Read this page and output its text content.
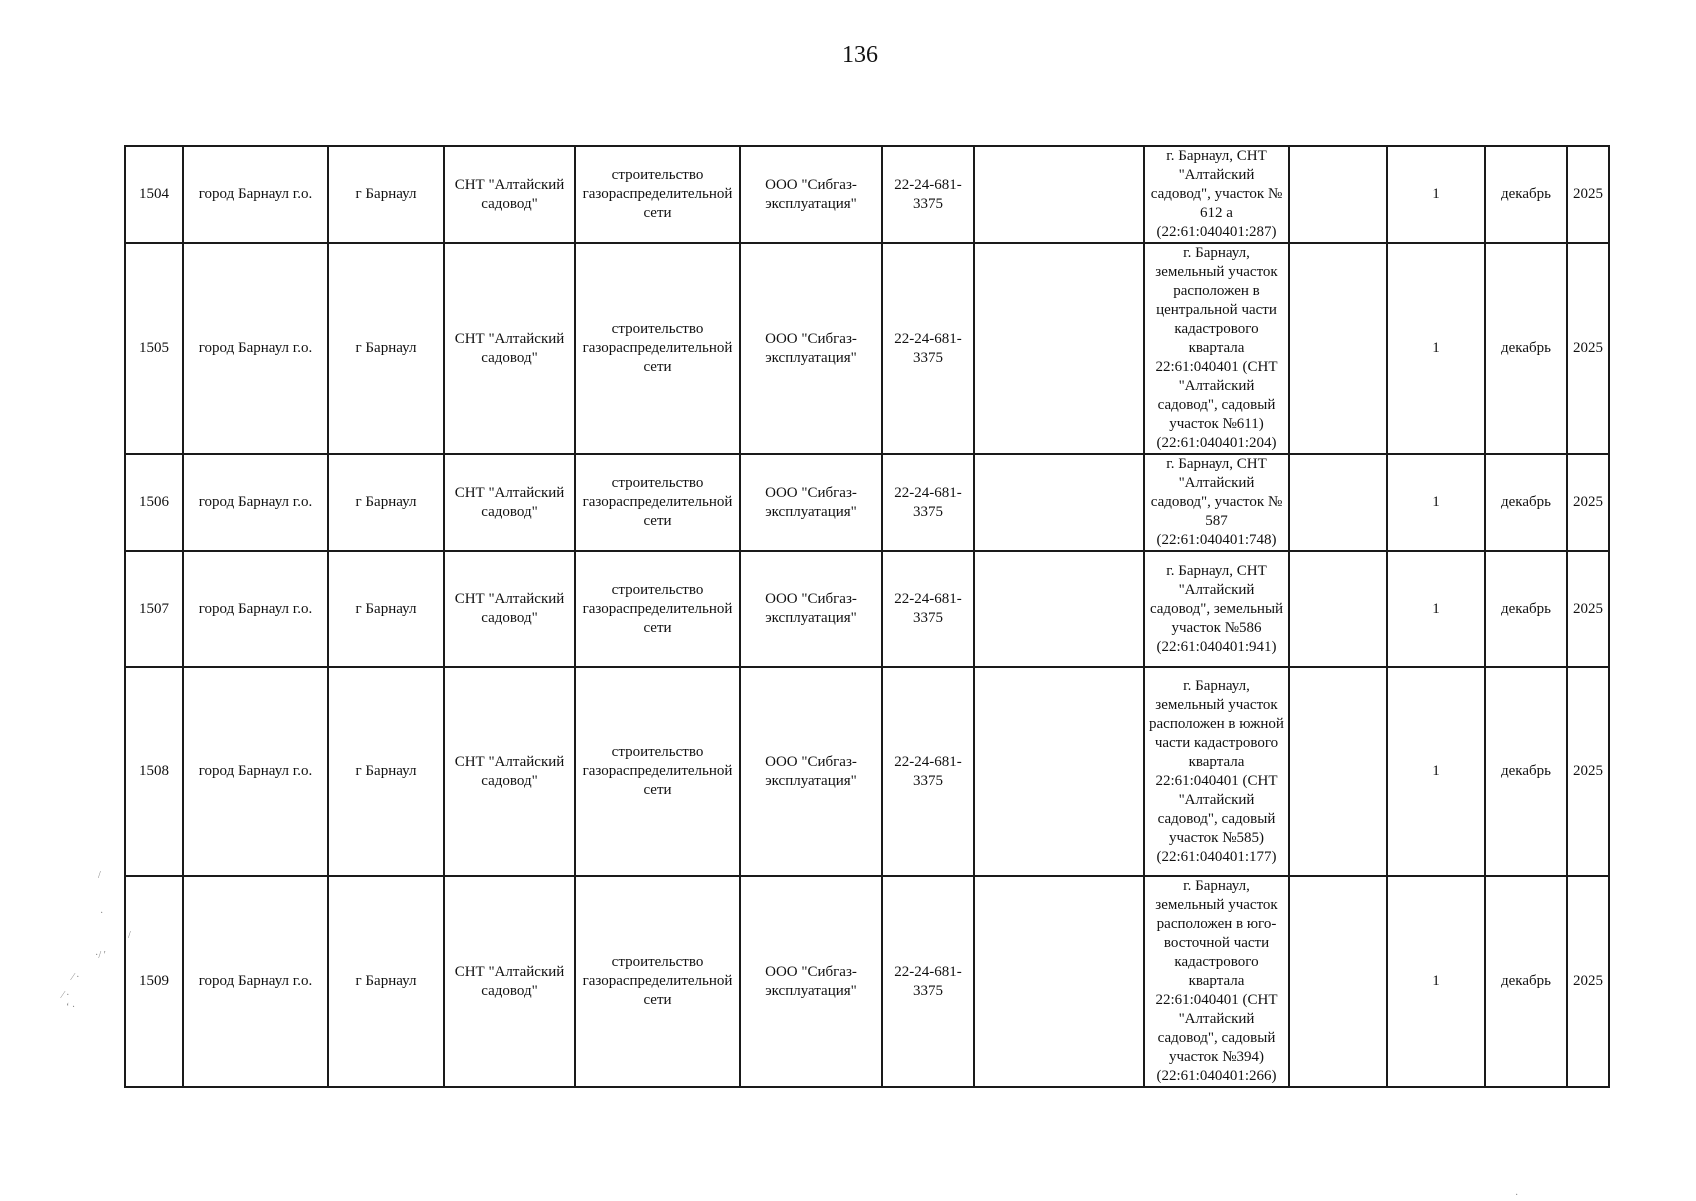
136
1504	город Барнаул г.о.	г Барнаул	СНТ "Алтайский садовод"	строительство газораспределительной сети	ООО "Сибгаз-эксплуатация"	22-24-681-3375		г. Барнаул, СНТ "Алтайский садовод", участок № 612 а (22:61:040401:287)		1	декабрь	2025
1505	город Барнаул г.о.	г Барнаул	СНТ "Алтайский садовод"	строительство газораспределительной сети	ООО "Сибгаз-эксплуатация"	22-24-681-3375		г. Барнаул, земельный участок расположен в центральной части кадастрового квартала 22:61:040401 (СНТ "Алтайский садовод", садовый участок №611) (22:61:040401:204)		1	декабрь	2025
1506	город Барнаул г.о.	г Барнаул	СНТ "Алтайский садовод"	строительство газораспределительной сети	ООО "Сибгаз-эксплуатация"	22-24-681-3375		г. Барнаул, СНТ "Алтайский садовод", участок № 587 (22:61:040401:748)		1	декабрь	2025
1507	город Барнаул г.о.	г Барнаул	СНТ "Алтайский садовод"	строительство газораспределительной сети	ООО "Сибгаз-эксплуатация"	22-24-681-3375		г. Барнаул, СНТ "Алтайский садовод", земельный участок №586 (22:61:040401:941)		1	декабрь	2025
1508	город Барнаул г.о.	г Барнаул	СНТ "Алтайский садовод"	строительство газораспределительной сети	ООО "Сибгаз-эксплуатация"	22-24-681-3375		г. Барнаул, земельный участок расположен в южной части кадастрового квартала 22:61:040401 (СНТ "Алтайский садовод", садовый участок №585) (22:61:040401:177)		1	декабрь	2025
1509	город Барнаул г.о.	г Барнаул	СНТ "Алтайский садовод"	строительство газораспределительной сети	ООО "Сибгаз-эксплуатация"	22-24-681-3375		г. Барнаул, земельный участок расположен в юго-восточной части кадастрового квартала 22:61:040401 (СНТ "Алтайский садовод", садовый участок №394) (22:61:040401:266)		1	декабрь	2025
/
·
/
·/ ′
⁄ ·
⁄ ·
‘ ·
·
